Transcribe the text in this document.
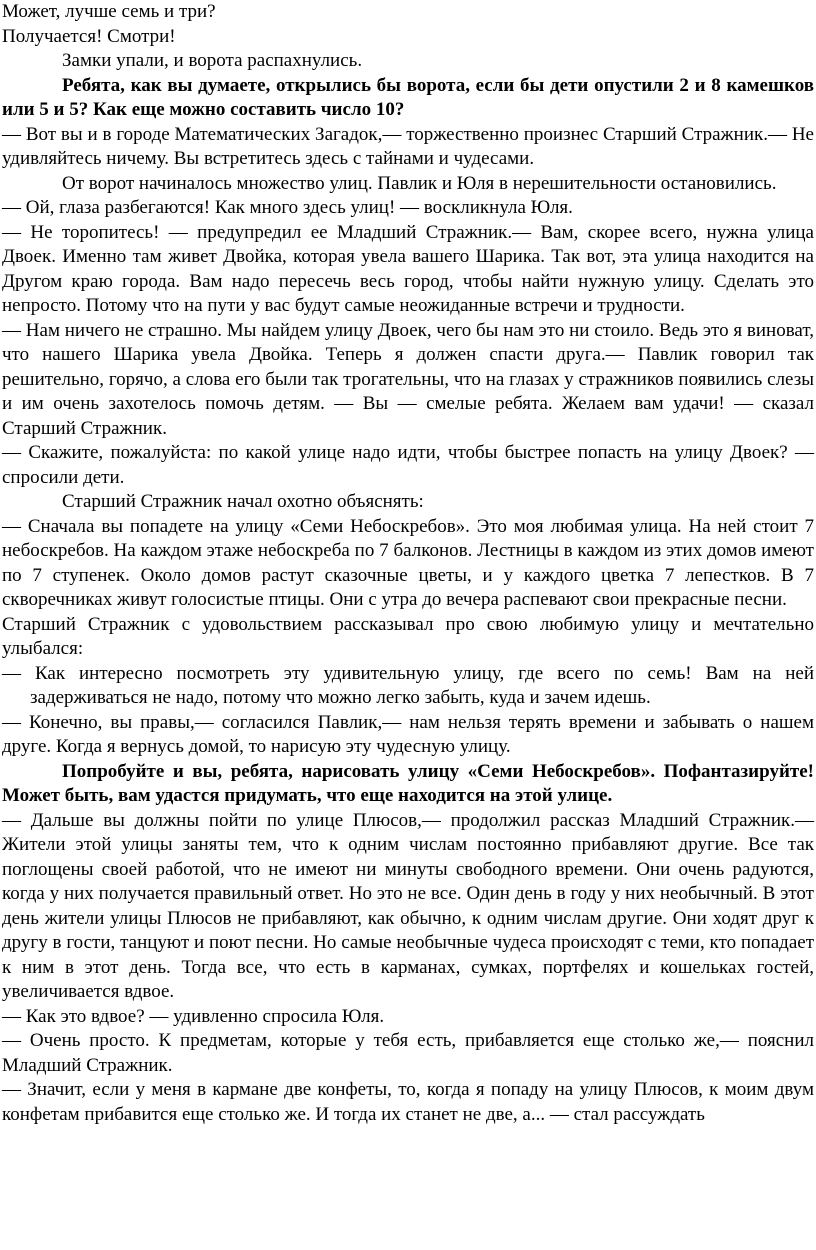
Может, лучше семь и три?

Получается! Смотри!

Замки упали, и ворота распахнулись.

Ребята, как вы думаете, открылись бы ворота, если бы дети опустили 2 и 8 камешков или 5 и 5? Как еще можно составить число 10?

— Вот вы и в городе Математических Загадок,— торжественно произнес Старший Стражник.— Не удивляйтесь ничему. Вы встретитесь здесь с тайнами и чудесами.

От ворот начиналось множество улиц. Павлик и Юля в нерешительности остановились.

— Ой, глаза разбегаются! Как много здесь улиц! — воскликнула Юля.

— Не торопитесь! — предупредил ее Младший Стражник.— Вам, скорее всего, нужна улица Двоек. Именно там живет Двойка, которая увела вашего Шарика. Так вот, эта улица находится на Другом краю города. Вам надо пересечь весь город, чтобы найти нужную улицу. Сделать это непросто. Потому что на пути у вас будут самые неожиданные встречи и трудности.

— Нам ничего не страшно. Мы найдем улицу Двоек, чего бы нам это ни стоило. Ведь это я виноват, что нашего Шарика увела Двойка. Теперь я должен спасти друга.— Павлик говорил так решительно, горячо, а слова его были так трогательны, что на глазах у стражников появились слезы и им очень захотелось помочь детям. — Вы — смелые ребята. Желаем вам удачи! — сказал Старший Стражник.

— Скажите, пожалуйста: по какой улице надо идти, чтобы быстрее попасть на улицу Двоек? — спросили дети.

Старший Стражник начал охотно объяснять:

— Сначала вы попадете на улицу «Семи Небоскребов». Это моя любимая улица. На ней стоит 7 небоскребов. На каждом этаже небоскреба по 7 балконов. Лестницы в каждом из этих домов имеют по 7 ступенек. Около домов растут сказочные цветы, и у каждого цветка 7 лепестков. В 7 скворечниках живут голосистые птицы. Они с утра до вечера распевают свои прекрасные песни.

Старший Стражник с удовольствием рассказывал про свою любимую улицу и мечтательно улыбался:

— Как интересно посмотреть эту удивительную улицу, где всего по семь! Вам на ней задерживаться не надо, потому что можно легко забыть, куда и зачем идешь.

— Конечно, вы правы,— согласился Павлик,— нам нельзя терять времени и забывать о нашем друге. Когда я вернусь домой, то нарисую эту чудесную улицу.

Попробуйте и вы, ребята, нарисовать улицу «Семи Небоскребов». Пофантазируйте! Может быть, вам удастся придумать, что еще находится на этой улице.

— Дальше вы должны пойти по улице Плюсов,— продолжил рассказ Младший Стражник.— Жители этой улицы заняты тем, что к одним числам постоянно прибавляют другие. Все так поглощены своей работой, что не имеют ни минуты свободного времени. Они очень радуются, когда у них получается правильный ответ. Но это не все. Один день в году у них необычный. В этот день жители улицы Плюсов не прибавляют, как обычно, к одним числам другие. Они ходят друг к другу в гости, танцуют и поют песни. Но самые необычные чудеса происходят с теми, кто попадает к ним в этот день. Тогда все, что есть в карманах, сумках, портфелях и кошельках гостей, увеличивается вдвое.

— Как это вдвое? — удивленно спросила Юля.

— Очень просто. К предметам, которые у тебя есть, прибавляется еще столько же,— пояснил Младший Стражник.

— Значит, если у меня в кармане две конфеты, то, когда я попаду на улицу Плюсов, к моим двум конфетам прибавится еще столько же. И тогда их станет не две, а... — стал рассуждать
